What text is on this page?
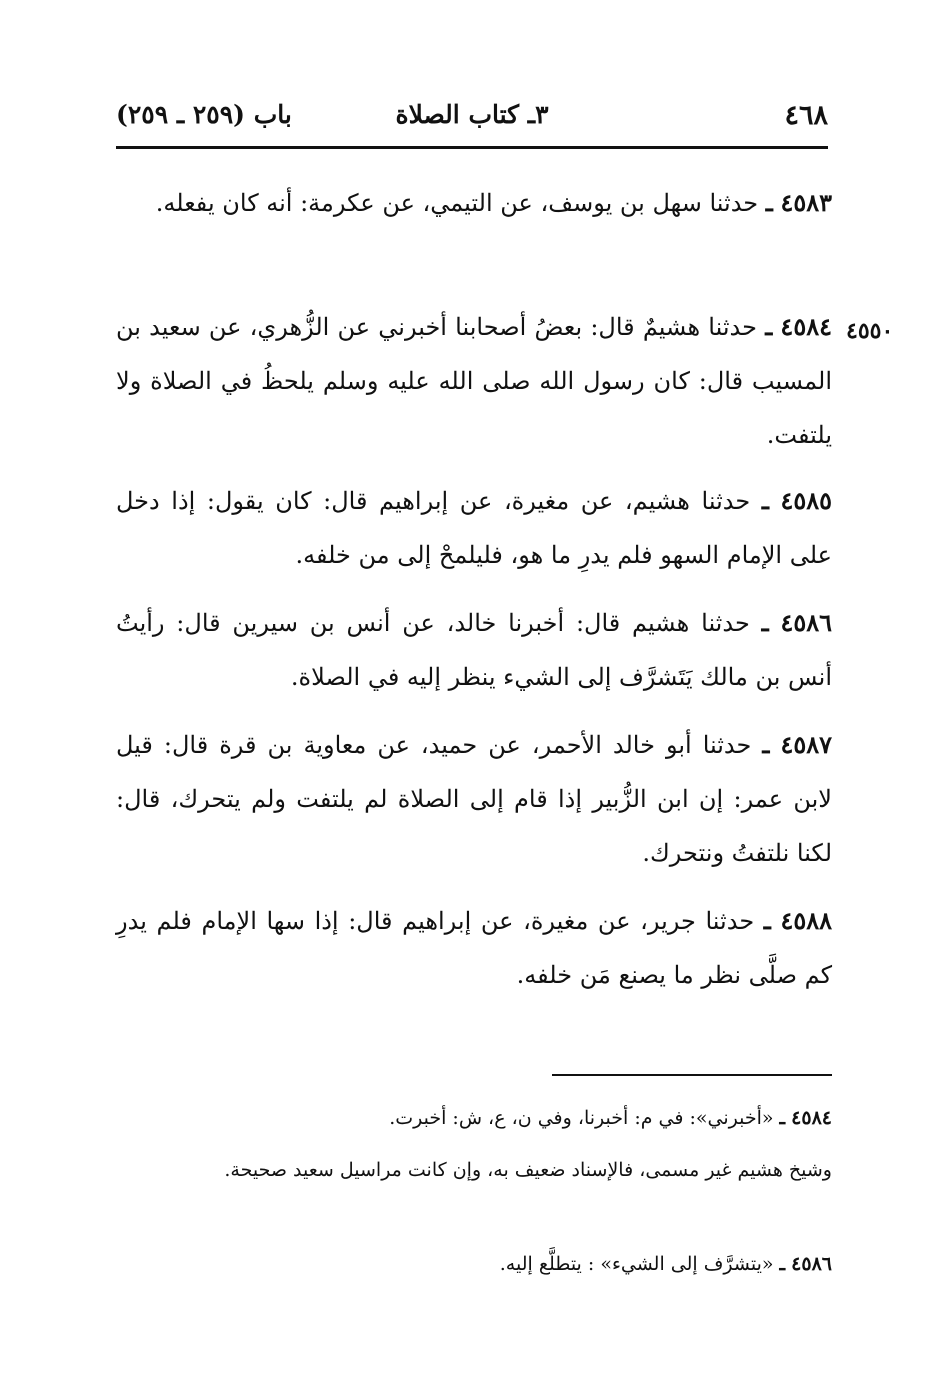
٤٦٨
٣ـ كتاب الصلاة
باب (٢٥٩ ـ ٢٥٩)
٤٥٥٠
٤٥٨٣ ـ حدثنا سهل بن يوسف، عن التيمي، عن عكرمة: أنه كان يفعله.
٤٥٨٤ ـ حدثنا هشيمٌ قال: بعضُ أصحابنا أخبرني عن الزُّهري، عن سعيد بن المسيب قال: كان رسول الله صلى الله عليه وسلم يلحظُ في الصلاة ولا يلتفت.
٤٥٨٥ ـ حدثنا هشيم، عن مغيرة، عن إبراهيم قال: كان يقول: إذا دخل على الإمام السهو فلم يدرِ ما هو، فليلمحْ إلى من خلفه.
٤٥٨٦ ـ حدثنا هشيم قال: أخبرنا خالد، عن أنس بن سيرين قال: رأيتُ أنس بن مالك يَتَشرَّف إلى الشيء ينظر إليه في الصلاة.
٤٥٨٧ ـ حدثنا أبو خالد الأحمر، عن حميد، عن معاوية بن قرة قال: قيل لابن عمر: إن ابن الزُّبير إذا قام إلى الصلاة لم يلتفت ولم يتحرك، قال: لكنا نلتفتُ ونتحرك.
٤٥٨٨ ـ حدثنا جرير، عن مغيرة، عن إبراهيم قال: إذا سها الإمام فلم يدرِ كم صلَّى نظر ما يصنع مَن خلفه.
٤٥٨٤ ـ «أخبرني»: في م: أخبرنا، وفي ن، ع، ش: أخبرت.
وشيخ هشيم غير مسمى، فالإسناد ضعيف به، وإن كانت مراسيل سعيد صحيحة.
٤٥٨٦ ـ «يتشرَّف إلى الشيء» : يتطلَّع إليه.
